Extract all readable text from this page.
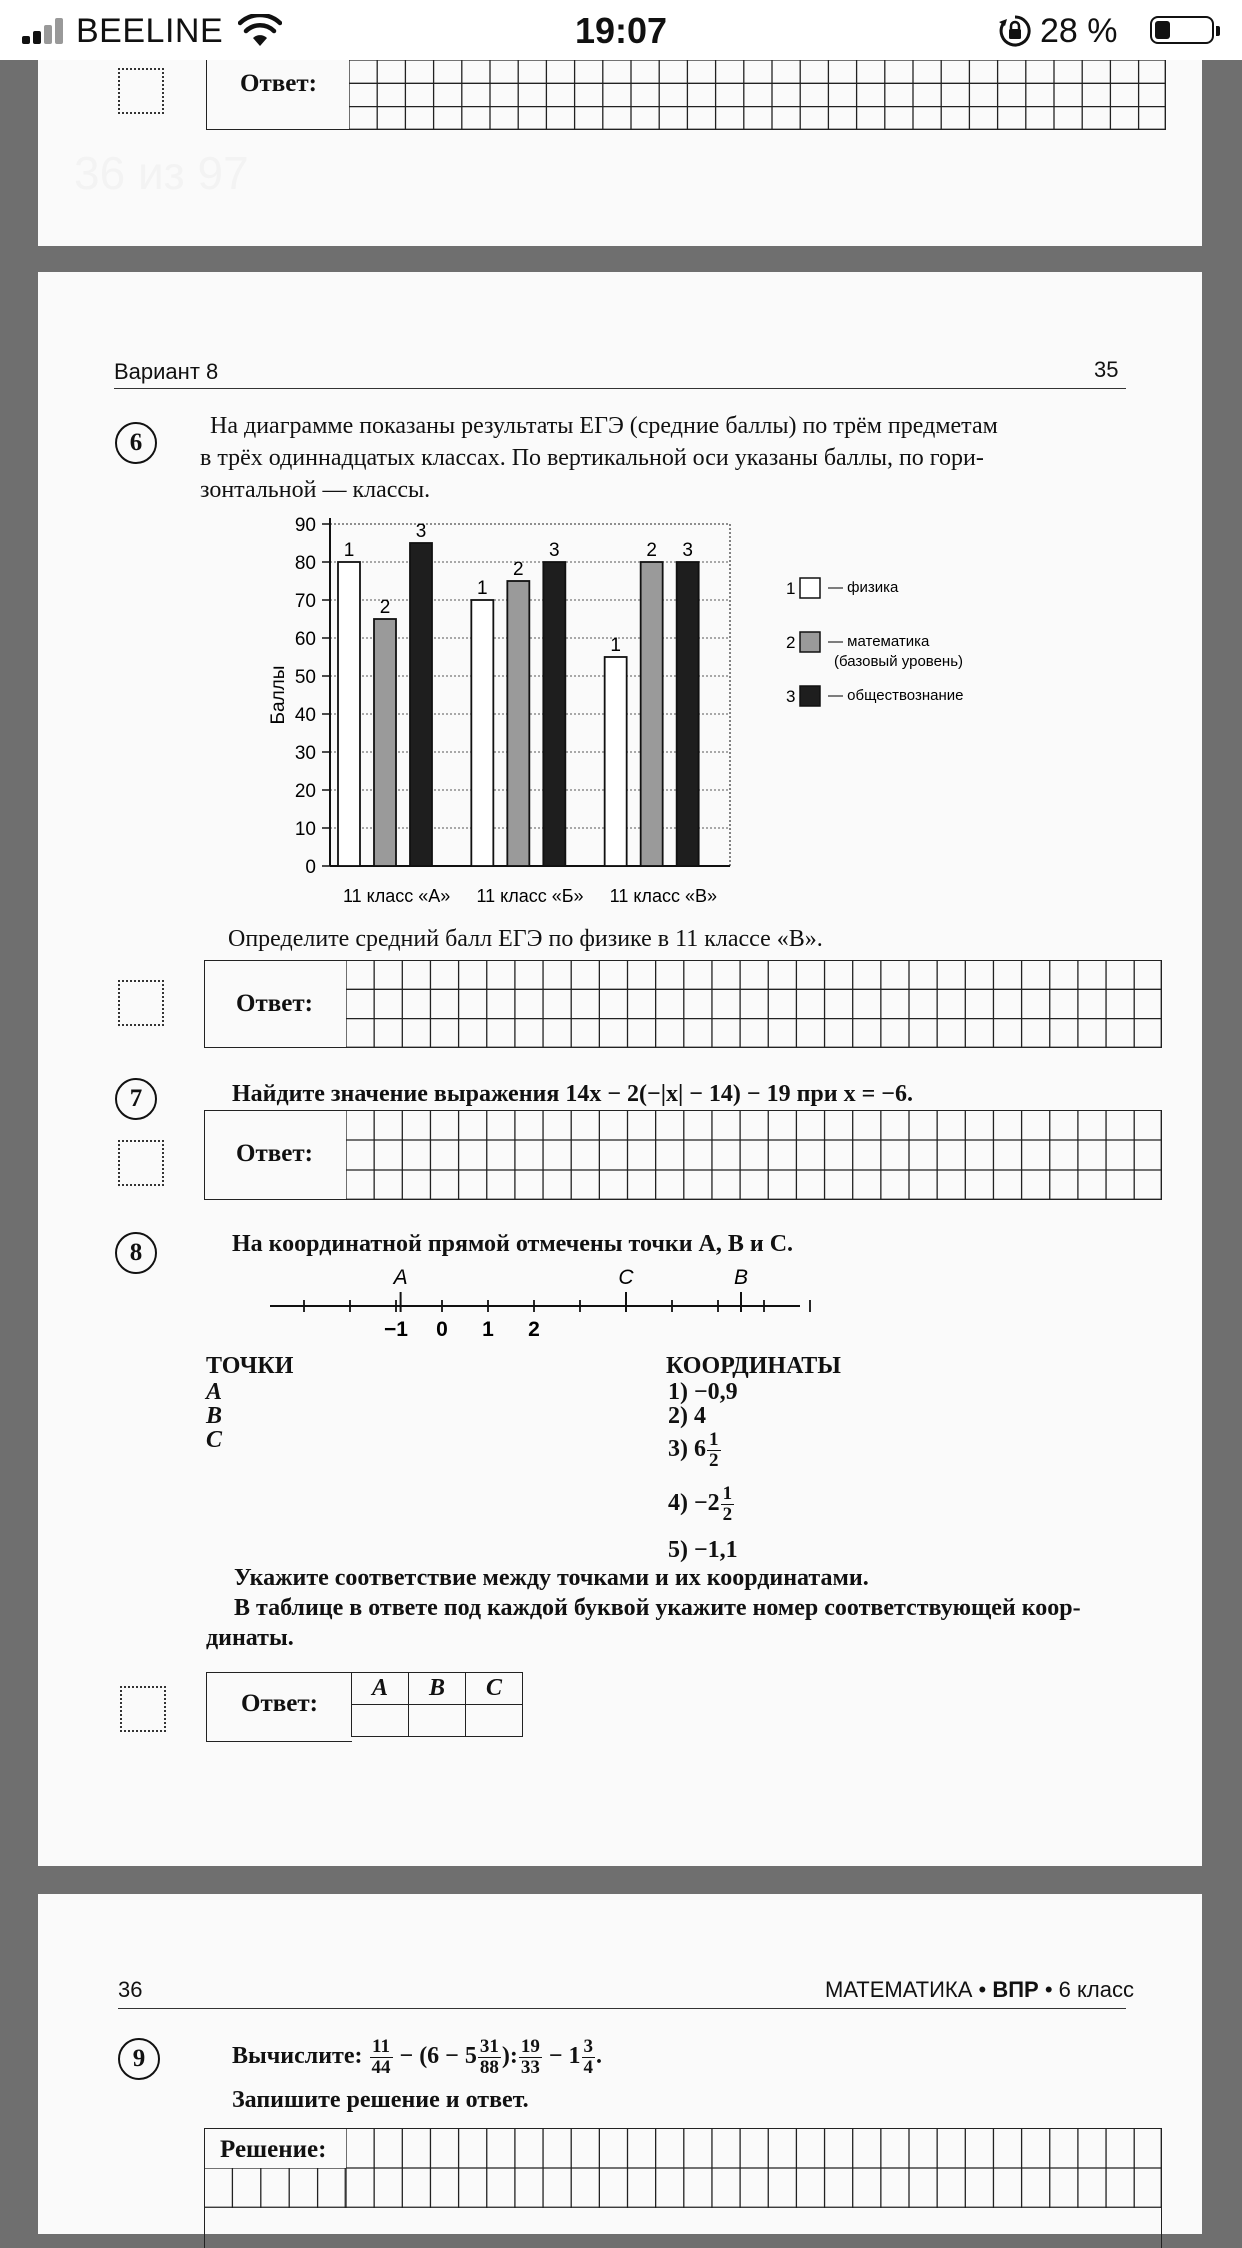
BEELINE	19:07	28 %
36 из 97
Ответ:
Вариант 8	35
6
На диаграмме показаны результаты ЕГЭ (средние баллы) по трём предметам
в трёх одиннадцатых классах. По вертикальной оси указаны баллы, по гори-
зонтальной — классы.
0
10
20
30
40
50
60
70
80
90
Баллы
1
2
3
11 класс «А»
1
2
3
11 класс «Б»
1
2 3
11 класс «В»
1 — физика
2 — математика
(базовый уровень)
3 — обществознание
Определите средний балл ЕГЭ по физике в 11 классе «В».
Ответ:
7	Найдите значение выражения 14x − 2(−|x| − 14) − 19 при x = −6.
Ответ:
8	На координатной прямой отмечены точки A, B и C.
−1 0 1 2
A	C	B
ТОЧКИ
A
B
C
КООРДИНАТЫ
1) −0,9
2) 4
3) $6 \frac{1}{2}$
$4) -2 \frac{1}{2}$
5) −1,1
Укажите соответствие между точками и их координатами.
В таблице в ответе под каждой буквой укажите номер соответствующей коор-
динаты.
Ответ:
A	B	C

36	МАТЕМАТИКА • ВПР • 6 класс
9	Вычислите: $\frac{11}{44} - (6 - 5 \frac{31}{88}$ ): $\frac{19}{33} - 1 \frac{3}{4}$ .
Запишите решение и ответ.
Решение:
